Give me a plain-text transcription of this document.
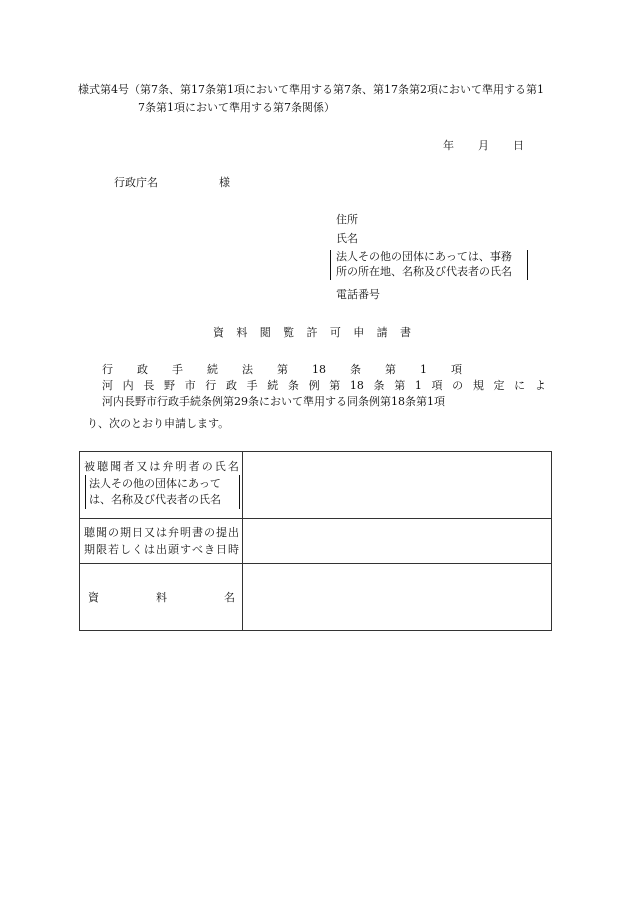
様式第4号（第7条、第17条第1項において準用する第7条、第17条第2項において準用する第1
7条第1項において準用する第7条関係）
年 月 日
行政庁名	様
住所
氏名
法人その他の団体にあっては、事務
所の所在地、名称及び代表者の氏名
電話番号
資 料 閲 覧 許 可 申 請 書
行 政 手 続 法 第 18 条 第 1 項
河 内 長 野 市 行 政 手 続 条 例 第 18 条 第 1 項 の 規 定 に よ
河内長野市行政手続条例第29条において準用する同条例第18条第1項
り、次のとおり申請します。
被 聴 聞 者 又 は 弁 明 者 の 氏 名
法人その他の団体にあって
は、名称及び代表者の氏名
聴 聞 の 期 日 又 は 弁 明 書 の 提 出
期 限 若 し く は 出 頭 す べ き 日 時
資	料	名
